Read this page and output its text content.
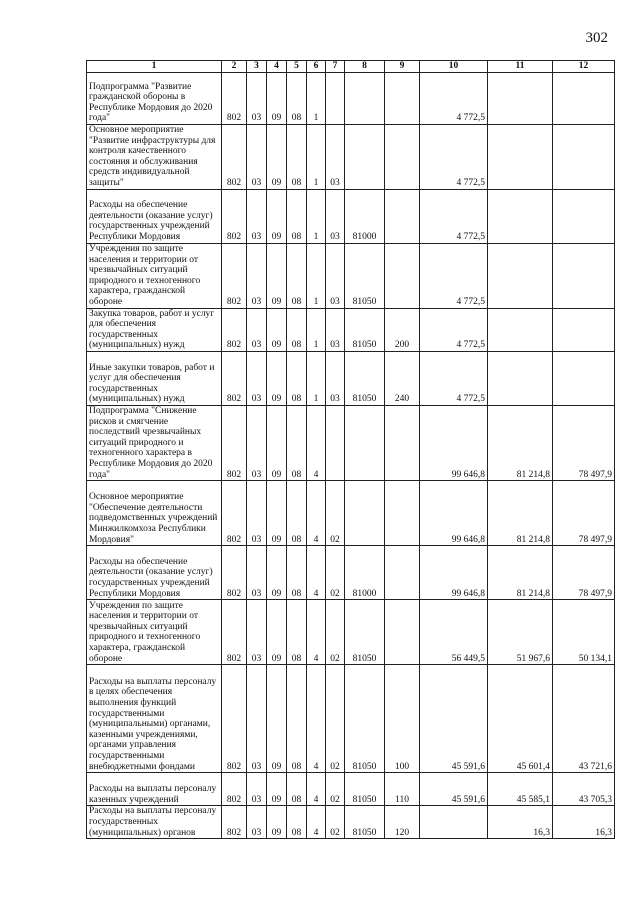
302
1	2	3	4	5	6	7	8	9	10	11	12
Подпрограмма "Развитие гражданской обороны в Республике Мордовия до 2020 года"	802	03	09	08	1				4 772,5		
Основное мероприятие "Развитие инфраструктуры для контроля качественного состояния и обслуживания средств индивидуальной защиты"	802	03	09	08	1	03			4 772,5		
Расходы на обеспечение деятельности (оказание услуг) государственных учреждений Республики Мордовия	802	03	09	08	1	03	81000		4 772,5		
Учреждения по защите населения и территории от чрезвычайных ситуаций природного и техногенного характера, гражданской обороне	802	03	09	08	1	03	81050		4 772,5		
Закупка товаров, работ и услуг для обеспечения государственных (муниципальных) нужд	802	03	09	08	1	03	81050	200	4 772,5		
Иные закупки товаров, работ и услуг для обеспечения государственных (муниципальных) нужд	802	03	09	08	1	03	81050	240	4 772,5		
Подпрограмма "Снижение рисков и смягчение последствий чрезвычайных ситуаций природного и техногенного характера в Республике Мордовия до 2020 года"	802	03	09	08	4				99 646,8	81 214,8	78 497,9
Основное мероприятие "Обеспечение деятельности подведомственных учреждений Минжилкомхоза Республики Мордовия"	802	03	09	08	4	02			99 646,8	81 214,8	78 497,9
Расходы на обеспечение деятельности (оказание услуг) государственных учреждений Республики Мордовия	802	03	09	08	4	02	81000		99 646,8	81 214,8	78 497,9
Учреждения по защите населения и территории от чрезвычайных ситуаций природного и техногенного характера, гражданской обороне	802	03	09	08	4	02	81050		56 449,5	51 967,6	50 134,1
Расходы на выплаты персоналу в целях обеспечения выполнения функций государственными (муниципальными) органами, казенными учреждениями, органами управления государственными внебюджетными фондами	802	03	09	08	4	02	81050	100	45 591,6	45 601,4	43 721,6
Расходы на выплаты персоналу казенных учреждений	802	03	09	08	4	02	81050	110	45 591,6	45 585,1	43 705,3
Расходы на выплаты персоналу государственных (муниципальных) органов	802	03	09	08	4	02	81050	120		16,3	16,3
